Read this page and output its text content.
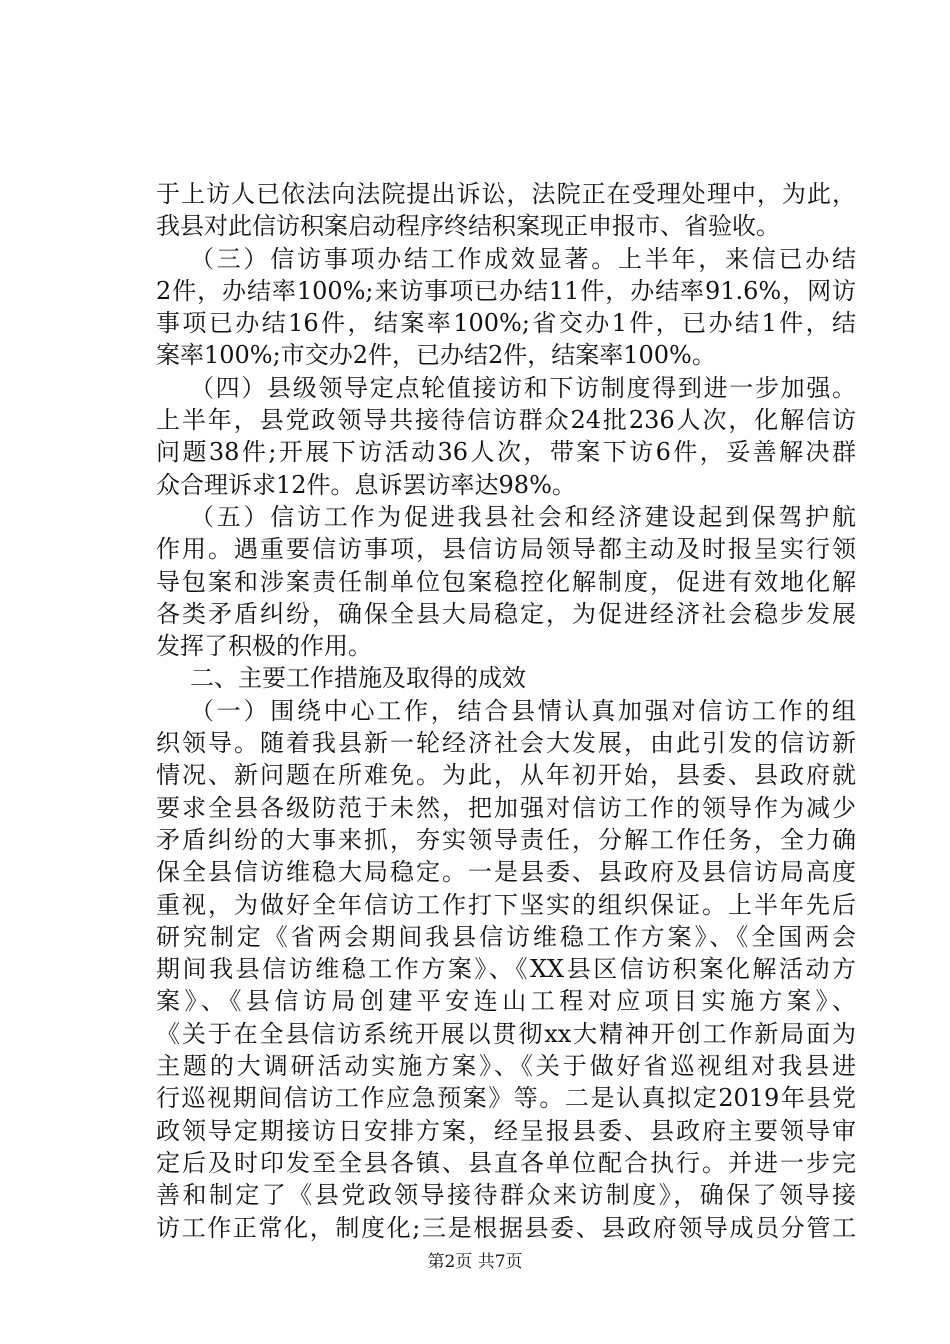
于上访人已依法向法院提出诉讼，法院正在受理处理中，为此，
我县对此信访积案启动程序终结积案现正申报市、省验收。
（三）信访事项办结工作成效显著。上半年，来信已办结
2件，办结率100%;来访事项已办结11件，办结率91.6%，网访
事项已办结16件，结案率100%;省交办1件，已办结1件，结
案率100%;市交办2件，已办结2件，结案率100%。
（四）县级领导定点轮值接访和下访制度得到进一步加强。
上半年，县党政领导共接待信访群众24批236人次，化解信访
问题38件;开展下访活动36人次，带案下访6件，妥善解决群
众合理诉求12件。息诉罢访率达98%。
（五）信访工作为促进我县社会和经济建设起到保驾护航
作用。遇重要信访事项，县信访局领导都主动及时报呈实行领
导包案和涉案责任制单位包案稳控化解制度，促进有效地化解
各类矛盾纠纷，确保全县大局稳定，为促进经济社会稳步发展
发挥了积极的作用。
二、主要工作措施及取得的成效
（一）围绕中心工作，结合县情认真加强对信访工作的组
织领导。随着我县新一轮经济社会大发展，由此引发的信访新
情况、新问题在所难免。为此，从年初开始，县委、县政府就
要求全县各级防范于未然，把加强对信访工作的领导作为减少
矛盾纠纷的大事来抓，夯实领导责任，分解工作任务，全力确
保全县信访维稳大局稳定。一是县委、县政府及县信访局高度
重视，为做好全年信访工作打下坚实的组织保证。上半年先后
研究制定《省两会期间我县信访维稳工作方案》、《全国两会
期间我县信访维稳工作方案》、《XX县区信访积案化解活动方
案》、《县信访局创建平安连山工程对应项目实施方案》、
《关于在全县信访系统开展以贯彻xx大精神开创工作新局面为
主题的大调研活动实施方案》、《关于做好省巡视组对我县进
行巡视期间信访工作应急预案》等。二是认真拟定2019年县党
政领导定期接访日安排方案，经呈报县委、县政府主要领导审
定后及时印发至全县各镇、县直各单位配合执行。并进一步完
善和制定了《县党政领导接待群众来访制度》，确保了领导接
访工作正常化，制度化;三是根据县委、县政府领导成员分管工
第2页 共7页
